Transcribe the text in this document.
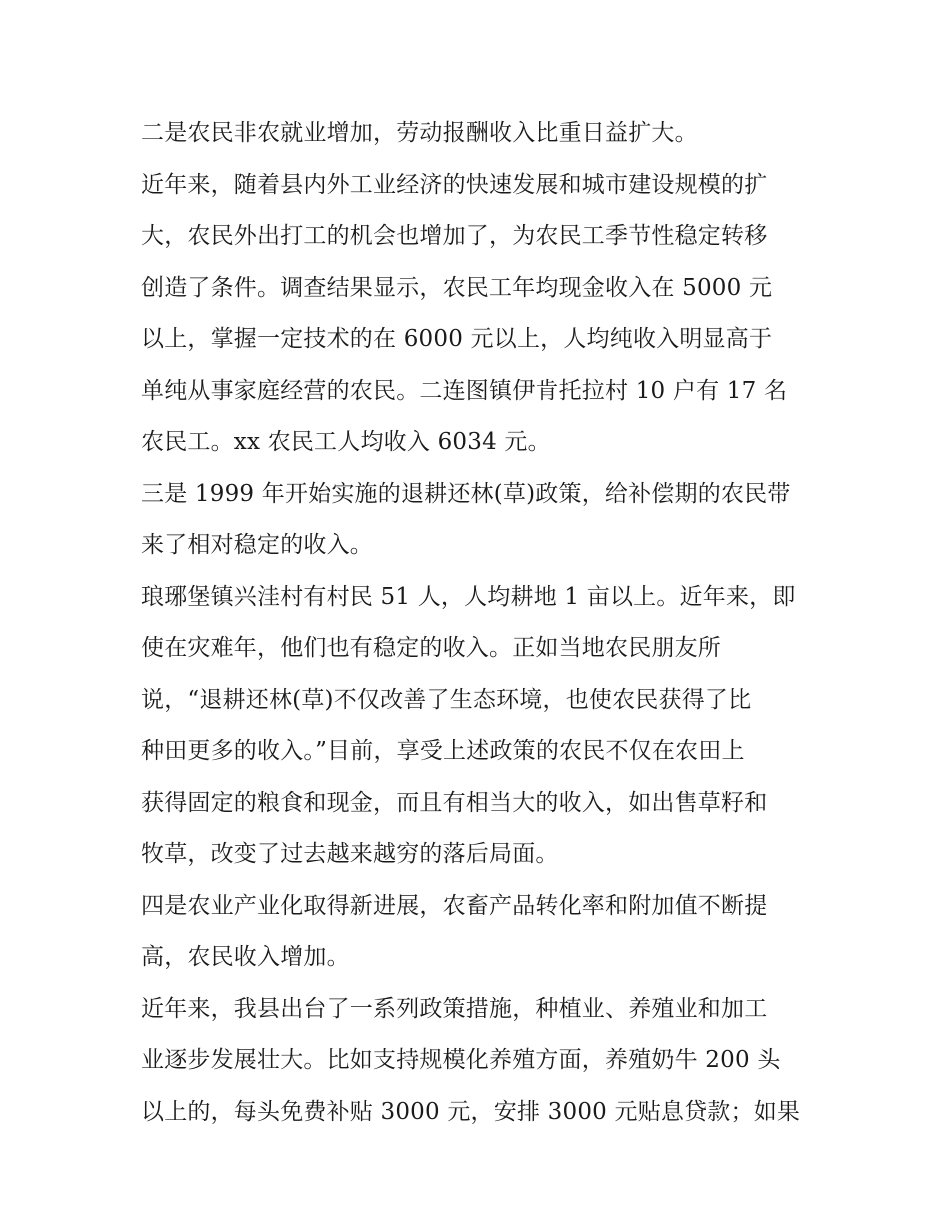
二是农民非农就业增加，劳动报酬收入比重日益扩大。
近年来，随着县内外工业经济的快速发展和城市建设规模的扩
大，农民外出打工的机会也增加了，为农民工季节性稳定转移
创造了条件。调查结果显示，农民工年均现金收入在 5000 元
以上，掌握一定技术的在 6000 元以上，人均纯收入明显高于
单纯从事家庭经营的农民。二连图镇伊肯托拉村 10 户有 17 名
农民工。xx 农民工人均收入 6034 元。
三是 1999 年开始实施的退耕还林(草)政策，给补偿期的农民带
来了相对稳定的收入。
琅琊堡镇兴洼村有村民 51 人，人均耕地 1 亩以上。近年来，即
使在灾难年，他们也有稳定的收入。正如当地农民朋友所
说，“退耕还林(草)不仅改善了生态环境，也使农民获得了比
种田更多的收入。”目前，享受上述政策的农民不仅在农田上
获得固定的粮食和现金，而且有相当大的收入，如出售草籽和
牧草，改变了过去越来越穷的落后局面。
四是农业产业化取得新进展，农畜产品转化率和附加值不断提
高，农民收入增加。
近年来，我县出台了一系列政策措施，种植业、养殖业和加工
业逐步发展壮大。比如支持规模化养殖方面，养殖奶牛 200 头
以上的，每头免费补贴 3000 元，安排 3000 元贴息贷款；如果
